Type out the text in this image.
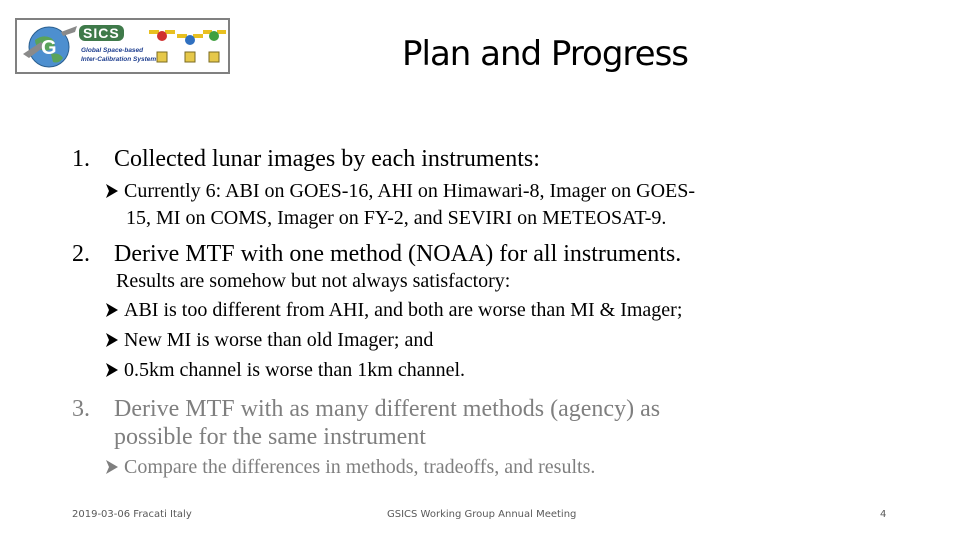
G
SICS
Global Space-based
Inter-Calibration System	Plan and Progress
1. Collected lunar images by each instruments:
Currently 6: ABI on GOES-16, AHI on Himawari-8, Imager on GOES-
15, MI on COMS, Imager on FY-2, and SEVIRI on METEOSAT-9.
2. Derive MTF with one method (NOAA) for all instruments.
Results are somehow but not always satisfactory:
ABI is too different from AHI, and both are worse than MI & Imager;
New MI is worse than old Imager; and
0.5km channel is worse than 1km channel.
3. Derive MTF with as many different methods (agency) as
possible for the same instrument
Compare the differences in methods, tradeoffs, and results.
2019-03-06 Fracati Italy	GSICS Working Group Annual Meeting	4
